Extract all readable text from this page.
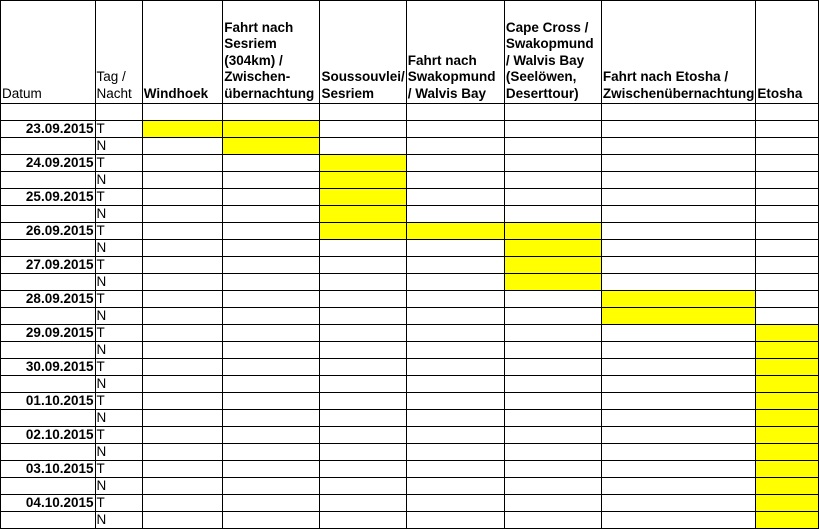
Datum	Tag / Nacht	Windhoek	Fahrt nach Sesriem (304km) / Zwischen-übernachtung	Soussouvlei/ Sesriem	Fahrt nach Swakopmund / Walvis Bay	Cape Cross / Swakopmund / Walvis Bay (Seelöwen, Deserttour)	Fahrt nach Etosha / Zwischenübernachtung	Etosha

23.09.2015	T							
	N							
24.09.2015	T							
	N							
25.09.2015	T							
	N							
26.09.2015	T							
	N							
27.09.2015	T							
	N							
28.09.2015	T							
	N							
29.09.2015	T							
	N							
30.09.2015	T							
	N							
01.10.2015	T							
	N							
02.10.2015	T							
	N							
03.10.2015	T							
	N							
04.10.2015	T							
	N							
